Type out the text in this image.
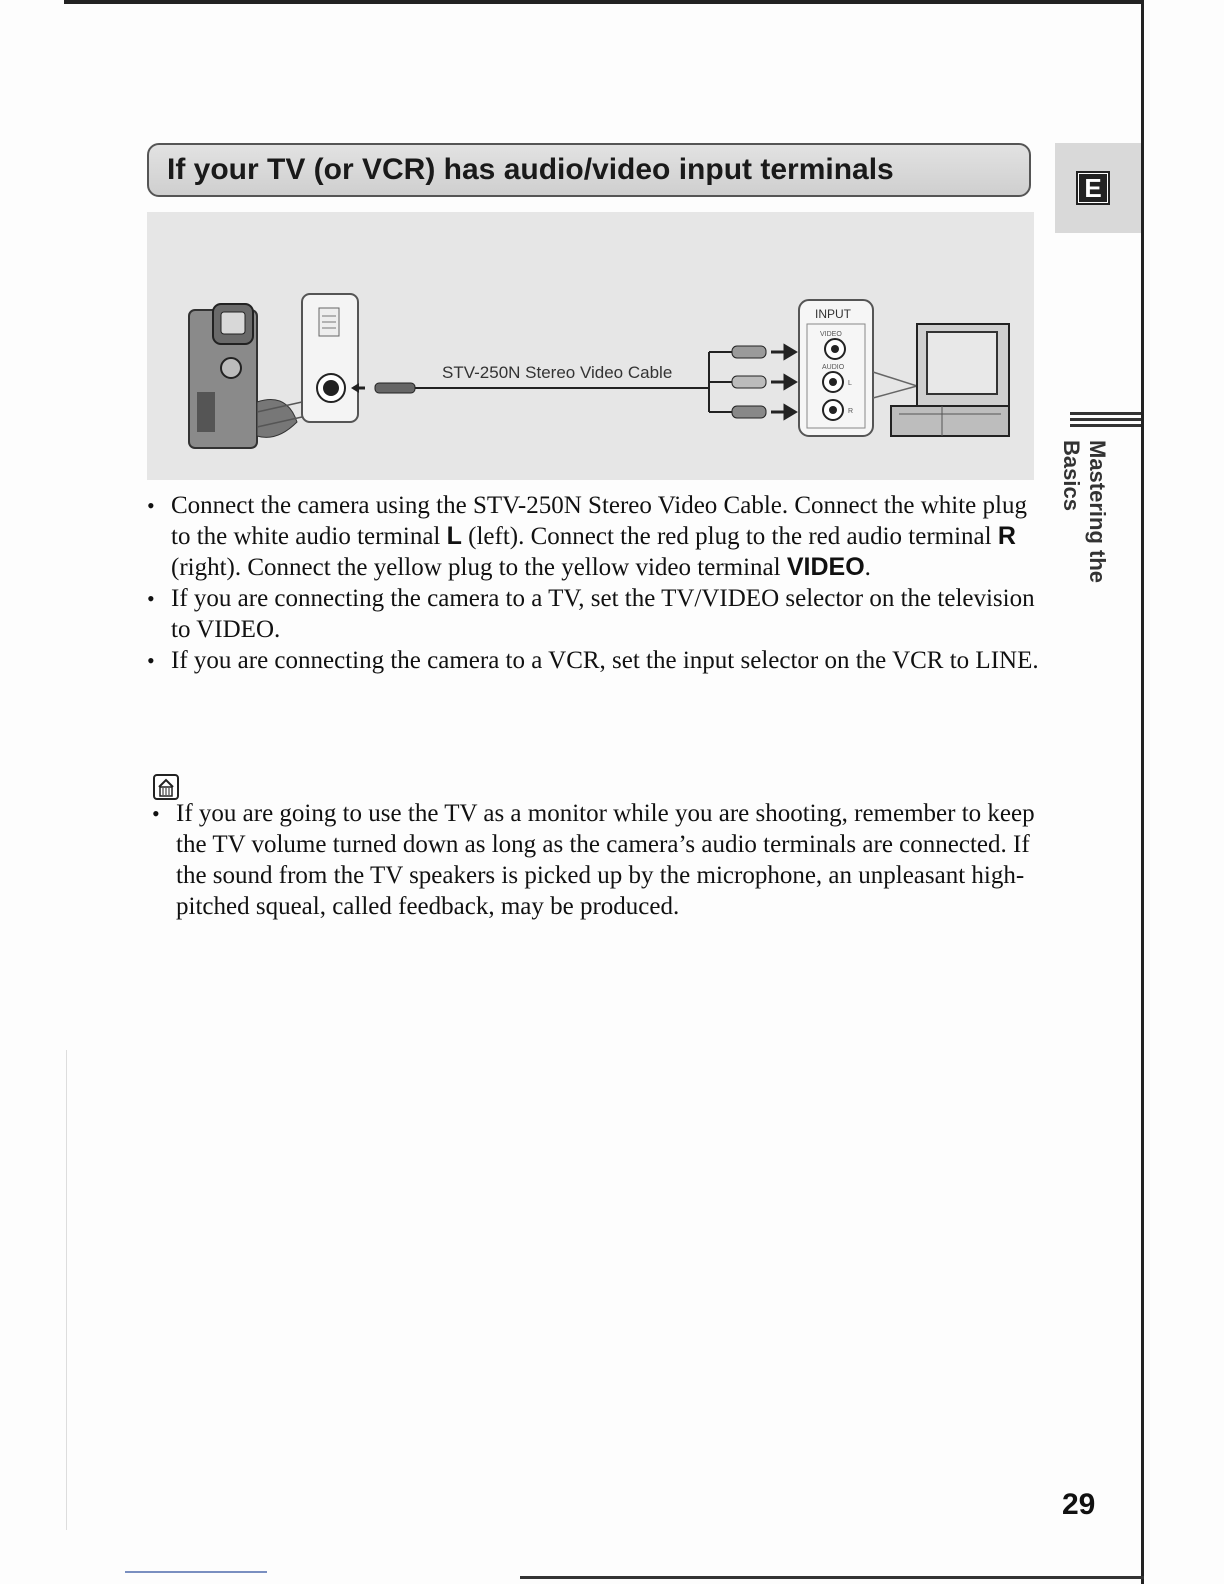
If your TV (or VCR) has audio/video input terminals
E
Mastering the Basics
STV-250N Stereo Video Cable
INPUT
VIDEO
AUDIO
L
R

• Connect the camera using the STV-250N Stereo Video Cable. Connect the white plug to the white audio terminal L (left). Connect the red plug to the red audio terminal R (right). Connect the yellow plug to the yellow video terminal VIDEO.

• If you are connecting the camera to a TV, set the TV/VIDEO selector on the television to VIDEO.

• If you are connecting the camera to a VCR, set the input selector on the VCR to LINE.

• If you are going to use the TV as a monitor while you are shooting, remember to keep the TV volume turned down as long as the camera’s audio terminals are connected. If the sound from the TV speakers is picked up by the microphone, an unpleasant high-pitched squeal, called feedback, may be produced.

29
